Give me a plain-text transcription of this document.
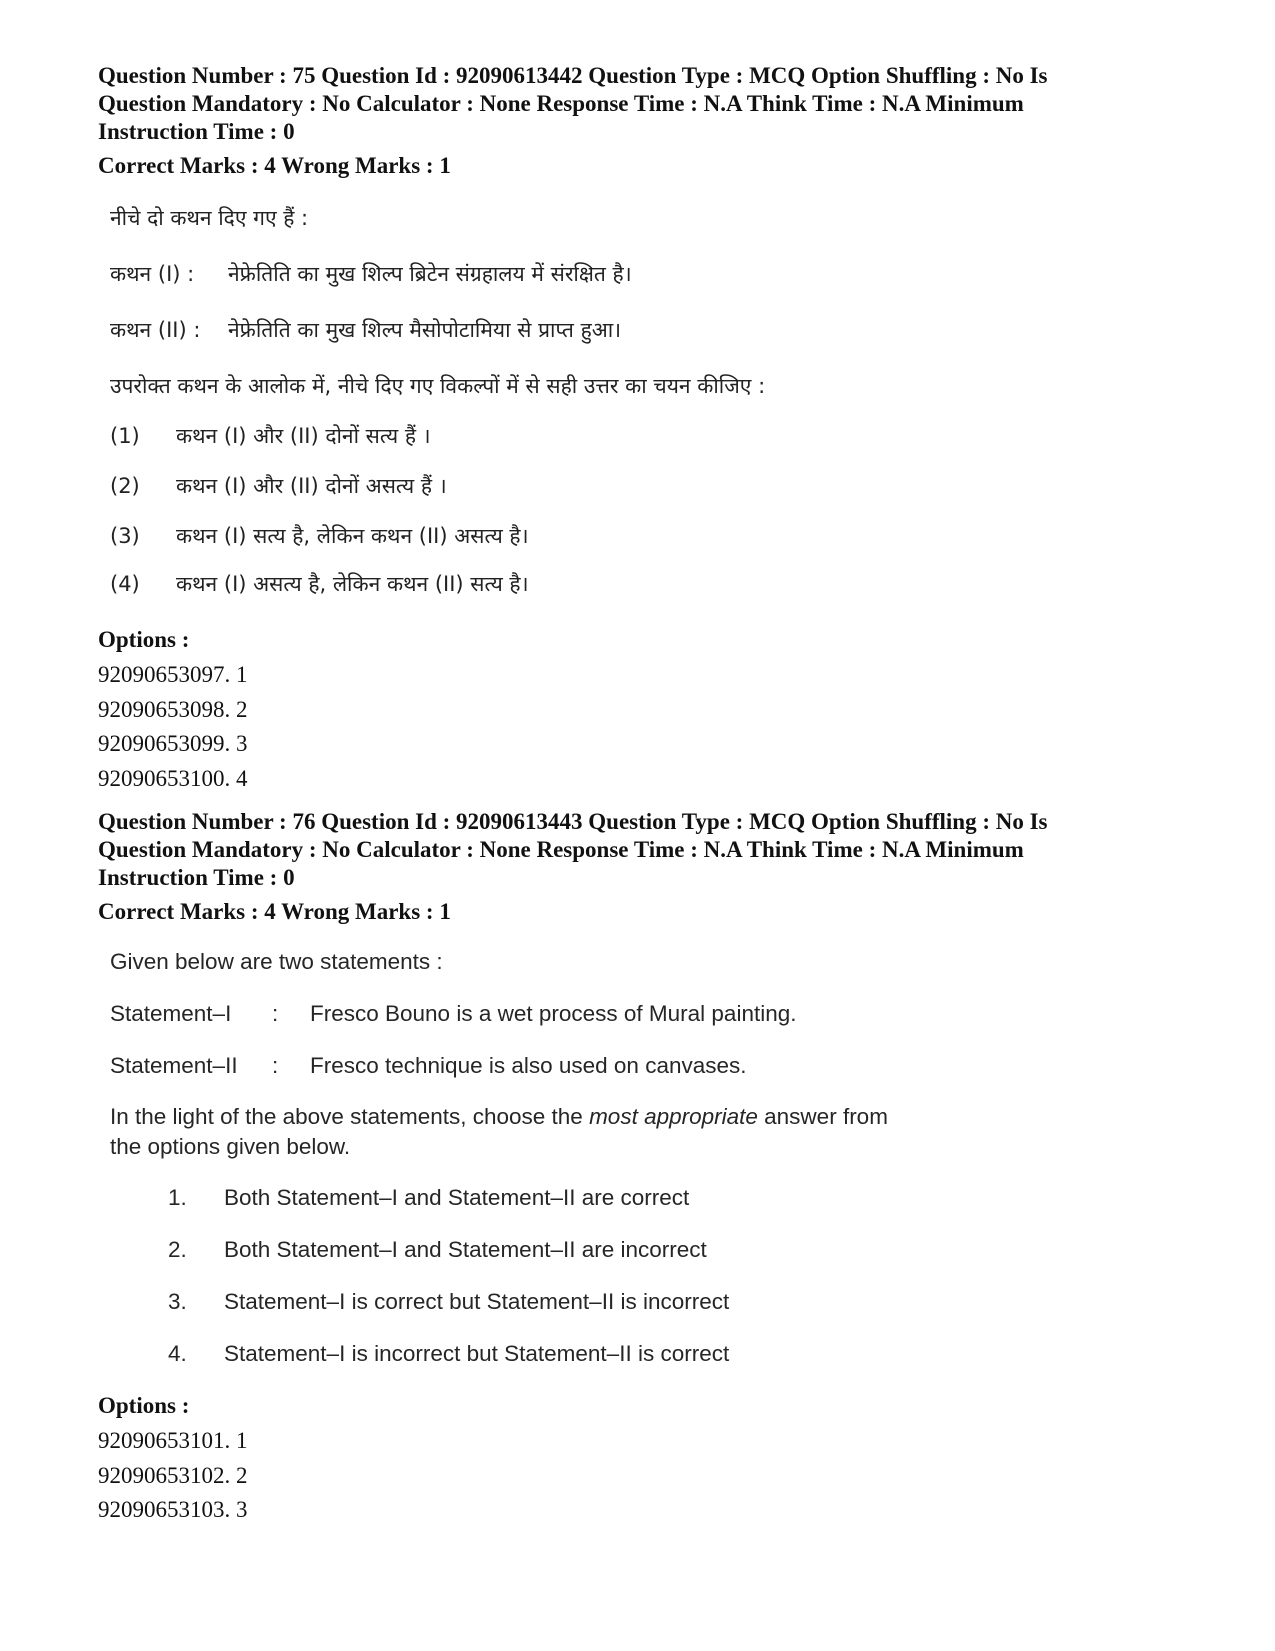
Question Number : 75 Question Id : 92090613442 Question Type : MCQ Option Shuffling : No Is
Question Mandatory : No Calculator : None Response Time : N.A Think Time : N.A Minimum
Instruction Time : 0
Correct Marks : 4 Wrong Marks : 1
नीचे दो कथन दिए गए हैं :
कथन (I) :	नेफ्रेतिति का मुख शिल्प ब्रिटेन संग्रहालय में संरक्षित है।
कथन (II) :	नेफ्रेतिति का मुख शिल्प मैसोपोटामिया से प्राप्त हुआ।
उपरोक्त कथन के आलोक में, नीचे दिए गए विकल्पों में से सही उत्तर का चयन कीजिए :
(1)	कथन (I) और (II) दोनों सत्य हैं ।
(2)	कथन (I) और (II) दोनों असत्य हैं ।
(3)	कथन (I) सत्य है, लेकिन कथन (II) असत्य है।
(4)	कथन (I) असत्य है, लेकिन कथन (II) सत्य है।
Options :
92090653097. 1
92090653098. 2
92090653099. 3
92090653100. 4
Question Number : 76 Question Id : 92090613443 Question Type : MCQ Option Shuffling : No Is
Question Mandatory : No Calculator : None Response Time : N.A Think Time : N.A Minimum
Instruction Time : 0
Correct Marks : 4 Wrong Marks : 1
Given below are two statements :
Statement–I	:	Fresco Bouno is a wet process of Mural painting.
Statement–II	:	Fresco technique is also used on canvases.
In the light of the above statements, choose the most appropriate answer from
the options given below.
1.	Both Statement–I and Statement–II are correct
2.	Both Statement–I and Statement–II are incorrect
3.	Statement–I is correct but Statement–II is incorrect
4.	Statement–I is incorrect but Statement–II is correct
Options :
92090653101. 1
92090653102. 2
92090653103. 3
